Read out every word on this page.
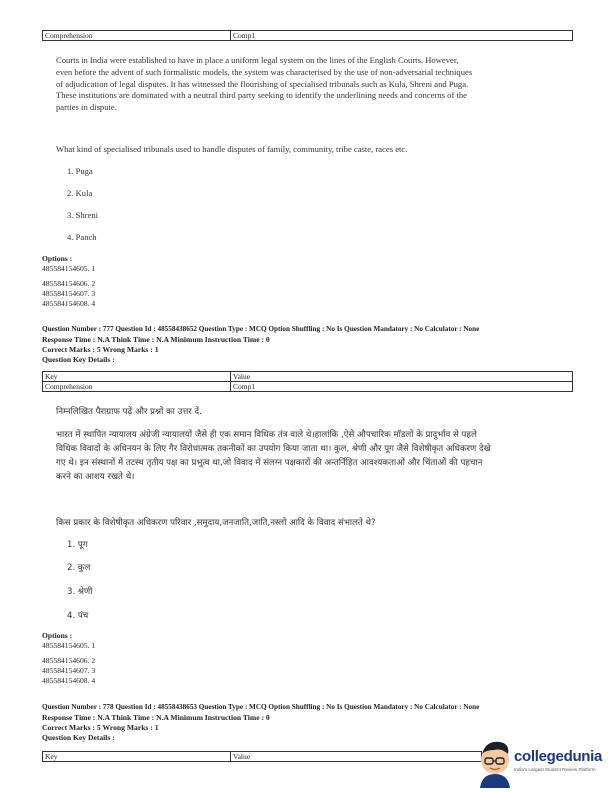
Comprehension	Comp1
Courts in India were established to have in place a uniform legal system on the lines of the English Courts. However, even before the advent of such formalistic models, the system was characterised by the use of non-adversarial techniques of adjudication of legal disputes. It has witnessed the flourishing of specialised tribunals such as Kula, Shreni and Puga. These institutions are dominated with a neutral third party seeking to identify the underlining needs and concerns of the parties in dispute.
What kind of specialised tribunals used to handle disputes of family, community, tribe caste, races etc.
1. Puga
2. Kula
3. Shreni
4. Panch
Options :
485584154605. 1
485584154606. 2
485584154607. 3
485584154608. 4
Question Number : 777 Question Id : 48558438652 Question Type : MCQ Option Shuffling : No Is Question Mandatory : No Calculator : None
Response Time : N.A Think Time : N.A Minimum Instruction Time : 0
Correct Marks : 5 Wrong Marks : 1
Question Key Details :
Key	Value
Comprehension	Comp1
निम्नलिखित पैराग्राफ पढ़ें और प्रश्नों का उत्तर दें.
भारत में स्थापित न्यायालय अंग्रेजी न्यायालयों जैसे ही एक समान विधिक तंत्र वाले थे।हालांकि ,ऐसे औपचारिक मॉडलों के प्रादुर्भाव से पहले विधिक विवादों के अधिनयन के लिए गैर विरोधात्मक तकनीकों का उपयोग किया जाता था। कुल, श्रेणी और पूग जैसे विशेषीकृत अधिकरण देखे गए थे। इन संस्थानों में तटस्थ तृतीय पक्ष का प्रभुत्व था,जो विवाद में संलग्न पक्षकारों की अन्तर्निहित आवश्यकताओं और चिंताओं की पहचान करने का आशय रखते थे।
किस प्रकार के विशेषीकृत अधिकरण परिवार ,समुदाय,जनजाति,जाति,नस्लों आदि के विवाद संभालते थे?
1. पूग
2. कुल
3. श्रेणी
4. पंच
Options :
485584154605. 1
485584154606. 2
485584154607. 3
485584154608. 4
Question Number : 778 Question Id : 48558438653 Question Type : MCQ Option Shuffling : No Is Question Mandatory : No Calculator : None
Response Time : N.A Think Time : N.A Minimum Instruction Time : 0
Correct Marks : 5 Wrong Marks : 1
Question Key Details :
Key	Value	collegedunia
India's Largest Student Review Platform
